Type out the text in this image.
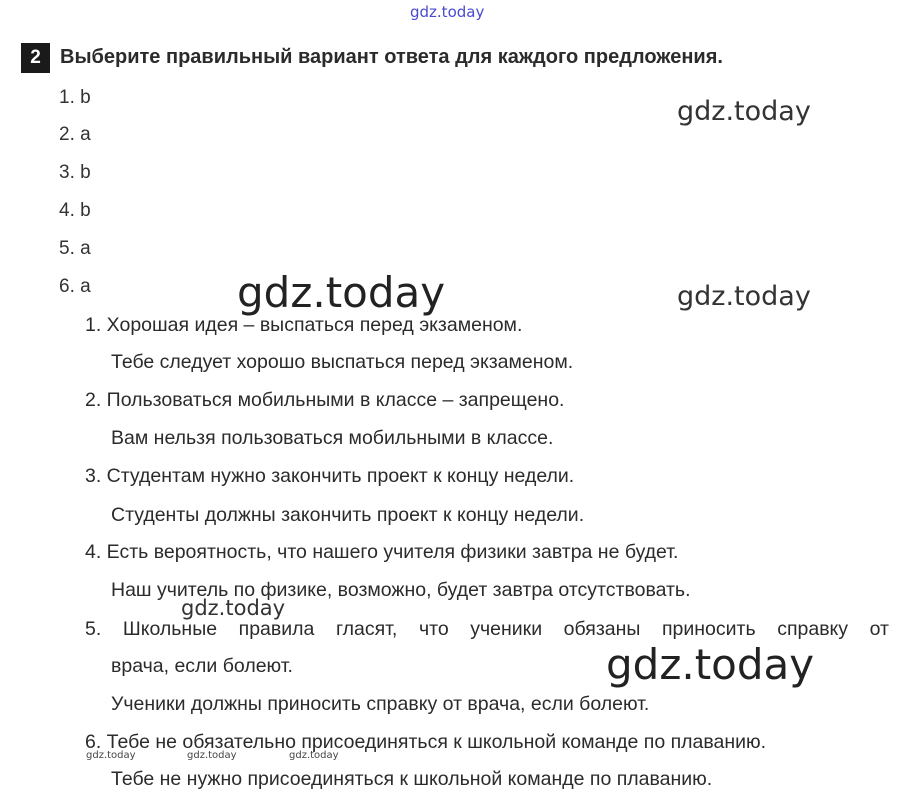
gdz.today
gdz.today
gdz.today
gdz.today
gdz.today
gdz.today
gdz.today	gdz.today	gdz.today
2 Выберите правильный вариант ответа для каждого предложения.
1. b
2. a
3. b
4. b
5. a
6. a
1. Хорошая идея – выспаться перед экзаменом.
Тебе следует хорошо выспаться перед экзаменом.
2. Пользоваться мобильными в классе – запрещено.
Вам нельзя пользоваться мобильными в классе.
3. Студентам нужно закончить проект к концу недели.
Студенты должны закончить проект к концу недели.
4. Есть вероятность, что нашего учителя физики завтра не будет.
Наш учитель по физике, возможно, будет завтра отсутствовать.
5. Школьные правила гласят, что ученики обязаны приносить справку от
врача, если болеют.
Ученики должны приносить справку от врача, если болеют.
6. Тебе не обязательно присоединяться к школьной команде по плаванию.
Тебе не нужно присоединяться к школьной команде по плаванию.
